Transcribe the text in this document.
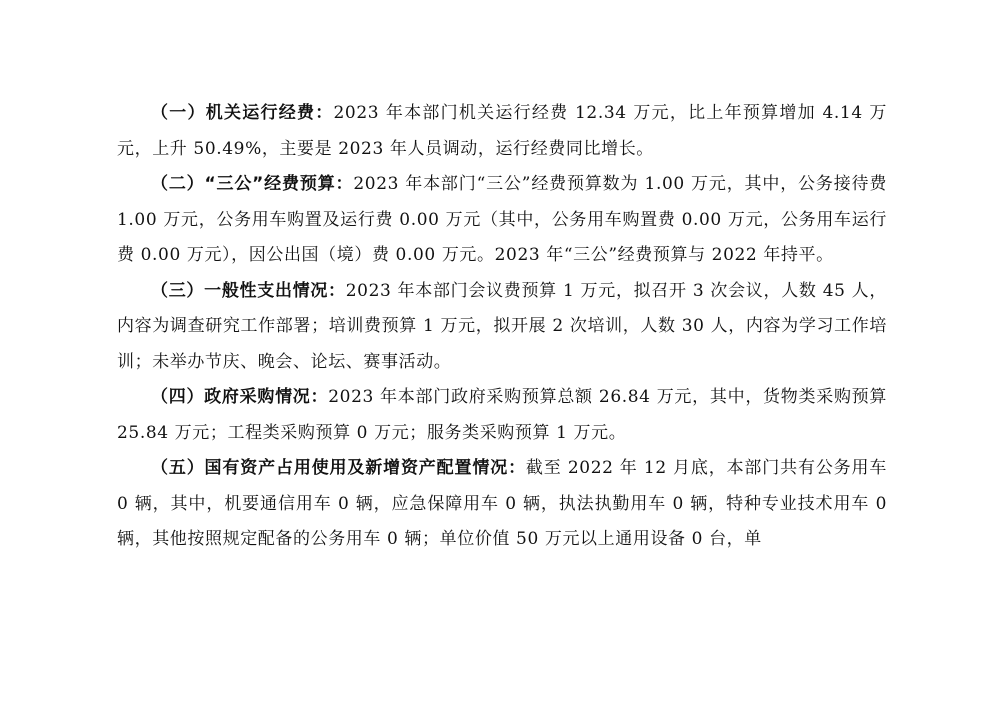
（一）机关运行经费：2023 年本部门机关运行经费 12.34 万元，比上年预算增加 4.14 万元，上升 50.49%，主要是 2023 年人员调动，运行经费同比增长。

（二）“三公”经费预算：2023 年本部门“三公”经费预算数为 1.00 万元，其中，公务接待费 1.00 万元，公务用车购置及运行费 0.00 万元（其中，公务用车购置费 0.00 万元，公务用车运行费 0.00 万元），因公出国（境）费 0.00 万元。2023 年“三公”经费预算与 2022 年持平。

（三）一般性支出情况：2023 年本部门会议费预算 1 万元，拟召开 3 次会议，人数 45 人，内容为调查研究工作部署；培训费预算 1 万元，拟开展 2 次培训，人数 30 人，内容为学习工作培训；未举办节庆、晚会、论坛、赛事活动。

（四）政府采购情况：2023 年本部门政府采购预算总额 26.84 万元，其中，货物类采购预算 25.84 万元；工程类采购预算 0 万元；服务类采购预算 1 万元。

（五）国有资产占用使用及新增资产配置情况：截至 2022 年 12 月底，本部门共有公务用车 0 辆，其中，机要通信用车 0 辆，应急保障用车 0 辆，执法执勤用车 0 辆，特种专业技术用车 0 辆，其他按照规定配备的公务用车 0 辆；单位价值 50 万元以上通用设备 0 台，单
